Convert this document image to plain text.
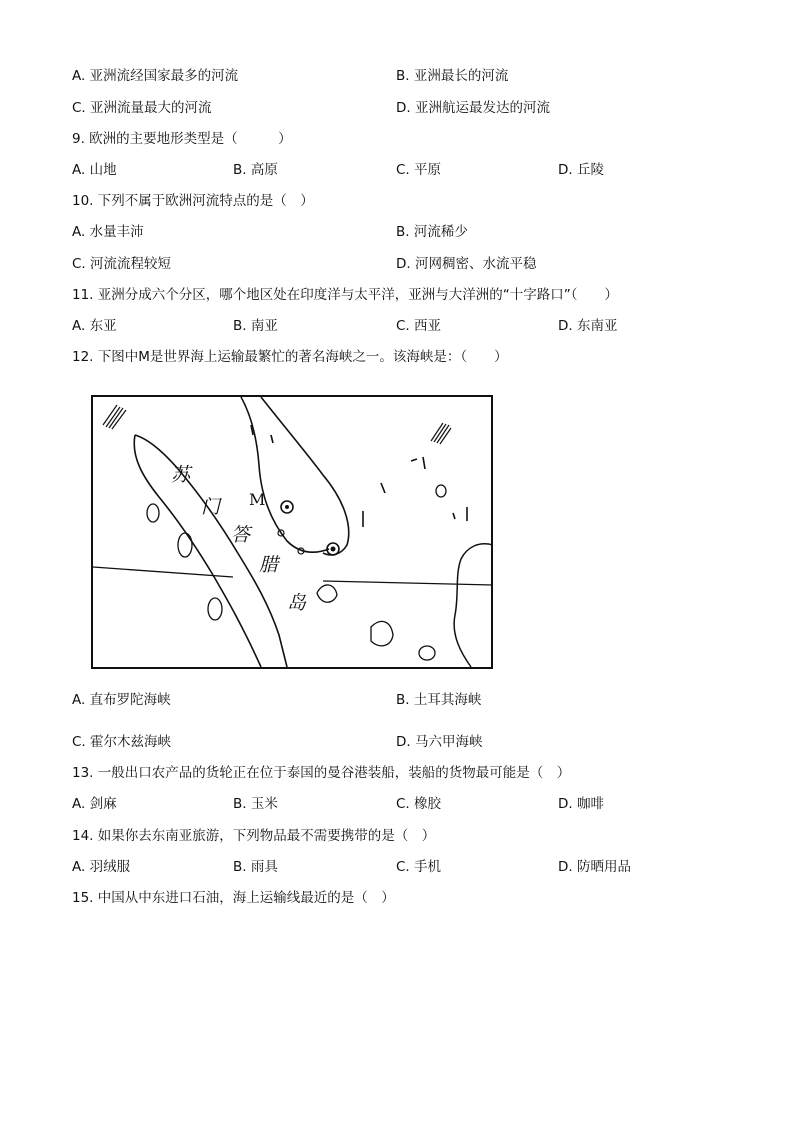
A. 亚洲流经国家最多的河流	B. 亚洲最长的河流
C. 亚洲流量最大的河流	D. 亚洲航运最发达的河流
9. 欧洲的主要地形类型是（　　　）
A. 山地	B. 高原	C. 平原	D. 丘陵
10. 下列不属于欧洲河流特点的是（　）
A. 水量丰沛	B. 河流稀少
C. 河流流程较短	D. 河网稠密、水流平稳
11. 亚洲分成六个分区，哪个地区处在印度洋与太平洋，亚洲与大洋洲的“十字路口”（　　）
A. 东亚	B. 南亚	C. 西亚	D. 东南亚
12. 下图中M是世界海上运输最繁忙的著名海峡之一。该海峡是：（　　）
苏
门
答
腊
岛
M
A. 直布罗陀海峡	B. 土耳其海峡
C. 霍尔木兹海峡	D. 马六甲海峡
13. 一般出口农产品的货轮正在位于泰国的曼谷港装船，装船的货物最可能是（　）
A. 剑麻	B. 玉米	C. 橡胶	D. 咖啡
14. 如果你去东南亚旅游，下列物品最不需要携带的是（　）
A. 羽绒服	B. 雨具	C. 手机	D. 防晒用品
15. 中国从中东进口石油，海上运输线最近的是（　）
